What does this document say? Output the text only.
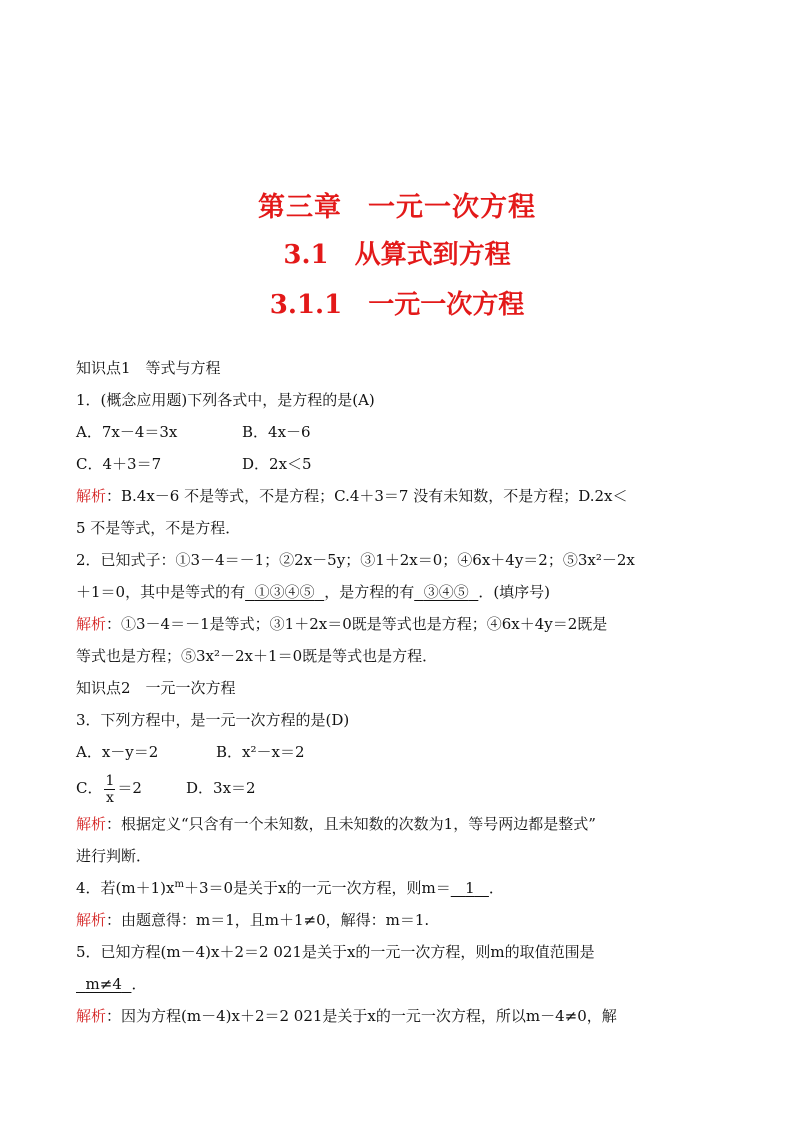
第三章 一元一次方程
3.1 从算式到方程
3.1.1 一元一次方程
知识点1　等式与方程
1．(概念应用题)下列各式中，是方程的是(A)
A．7x－4＝3x	B．4x－6
C．4＋3＝7	D．2x＜5
解析：B.4x－6 不是等式，不是方程；C.4＋3＝7 没有未知数，不是方程；D.2x＜
5 不是等式，不是方程．
2．已知式子：①3－4＝－1；②2x－5y；③1＋2x＝0；④6x＋4y＝2；⑤3x²－2x
＋1＝0，其中是等式的有 ①③④⑤ ，是方程的有 ③④⑤ ．(填序号)
解析：①3－4＝－1是等式；③1＋2x＝0既是等式也是方程；④6x＋4y＝2既是
等式也是方程；⑤3x²－2x＋1＝0既是等式也是方程．
知识点2　一元一次方程
3．下列方程中，是一元一次方程的是(D)
A．x－y＝2	B．x²－x＝2
C． $\frac{1}{x} =2$	D．3x＝2
解析：根据定义“只含有一个未知数，且未知数的次数为1，等号两边都是整式”
进行判断．
4．若$(m+1)x^m+3=0$是关于x的一元一次方程，则m＝ 1 ．
解析：由题意得：m＝1，且m＋1≠0，解得：m＝1.
5．已知方程(m－4)x＋2＝2 021是关于x的一元一次方程，则m的取值范围是
m≠4 ．
解析：因为方程(m－4)x＋2＝2 021是关于x的一元一次方程，所以m－4≠0，解
